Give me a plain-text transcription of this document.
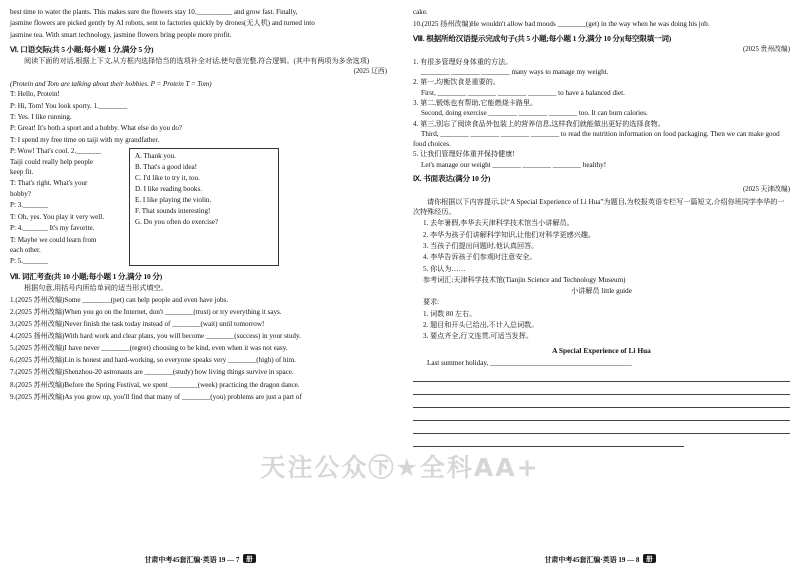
best time to water the plants. This makes sure the flowers stay 10.__________ and grow fast. Finally,

jasmine flowers are picked gently by AI robots, sent to factories quickly by drones(无人机) and turned into

jasmine tea. With smart technology, jasmine flowers bring people more profit.

Ⅵ. 口语交际(共 5 小题;每小题 1 分,满分 5 分)
阅读下面的对话,根据上下文,从方框内选择恰当的选项补全对话,使句意完整,符合逻辑。(其中有两项为多余选项)
(2025 辽西)
(Protein and Tom are talking about their hobbies. P = Protein T = Tom)
T: Hello, Protein!
P: Hi, Tom! You look sporty. 1.________
T: Yes. I like running.
P: Great! It's both a sport and a hobby. What else do you do?
T: I spend my free time on taiji with my grandfather.
P: Wow! That's cool. 2._______ Taiji could really help people keep fit.
T: That's right. What's your hobby?
P: 3._______
T: Oh, yes. You play it very well.
P: 4._______ It's my favorite.
T: Maybe we could learn from each other.
P: 5._______
A. Thank you.
B. That's a good idea!
C. I'd like to try it, too.
D. I like reading books.
E. I like playing the violin.
F. That sounds interesting!
G. Do you often do exercise?
Ⅶ. 词汇考查(共 10 小题;每小题 1 分,满分 10 分)
根据句意,用括号内所给单词的适当形式填空。
1.(2025 苏州改编)Some ________(pet) can help people and even have jobs.
2.(2025 苏州改编)When you go on the Internet, don't ________(trust) or try everything it says.
3.(2025 苏州改编)Never finish the task today instead of ________(wait) until tomorrow!
4.(2025 扬州改编)With hard work and clear plans, you will become ________(success) in your study.
5.(2025 苏州改编)I have never ________(regret) choosing to be kind, even when it was not easy.
6.(2025 苏州改编)Lin is honest and hard-working, so everyone speaks very ________(high) of him.
7.(2025 苏州改编)Shenzhou-20 astronauts are ________(study) how living things survive in space.
8.(2025 苏州改编)Before the Spring Festival, we spent ________(week) practicing the dragon dance.
9.(2025 苏州改编)As you grow up, you'll find that many of ________(you) problems are just a part of

cake.

10.(2025 扬州改编)He wouldn't allow bad moods ________(get) in the way when he was doing his job.
Ⅷ. 根据所给汉语提示完成句子(共 5 小题;每小题 1 分,满分 10 分)(每空限填一词)
(2025 贵州改编)
1. 有很多管理好身体重的方法。
________ ________ ________ many ways to manage my weight.
2. 第一,均衡饮食是重要的。
First, ________ ________ ________ ________ to have a balanced diet.
3. 第二,锻炼也有帮助,它能燃烧卡路里。
Second, doing exercise ________ ________ ________ too. It can burn calories.
4. 第三,别忘了阅读食品外包装上的营养信息,这样我们就能做出更好的选择食物。
Third, ________ ________ ________ ________ to read the nutrition information on food packaging. Then we can make good food choices.
5. 让我们管理好体重并保持健康!
Let's manage our weight ________ ________ ________ healthy!
Ⅸ. 书面表达(满分 10 分)
(2025 天津改编)
请你根据以下内容提示,以“A Special Experience of Li Hua”为题目,为校报英语专栏写一篇短文,介绍你班同学李华的一次特殊经历。
1. 去年暑假,李华去天津科学技术馆当小讲解员。
2. 李华为孩子们讲解科学知识,让他们对科学更感兴趣。
3. 当孩子们提出问题时,他认真回答。
4. 李华告诉孩子们参观时注意安全。
5. 你认为……
参考词汇:天津科学技术馆(Tianjin Science and Technology Museum)
小讲解员 little guide
要求:
1. 词数 80 左右。
2. 题目和开头已给出,不计入总词数。
3. 要点齐全,行文连贯,可适当发挥。
A Special Experience of Li Hua
Last summer holiday, ________________________________________
天注公众㊦★全科AA+
甘肃中考45套汇编·英语 19 — 7 册	甘肃中考45套汇编·英语 19 — 8 册
